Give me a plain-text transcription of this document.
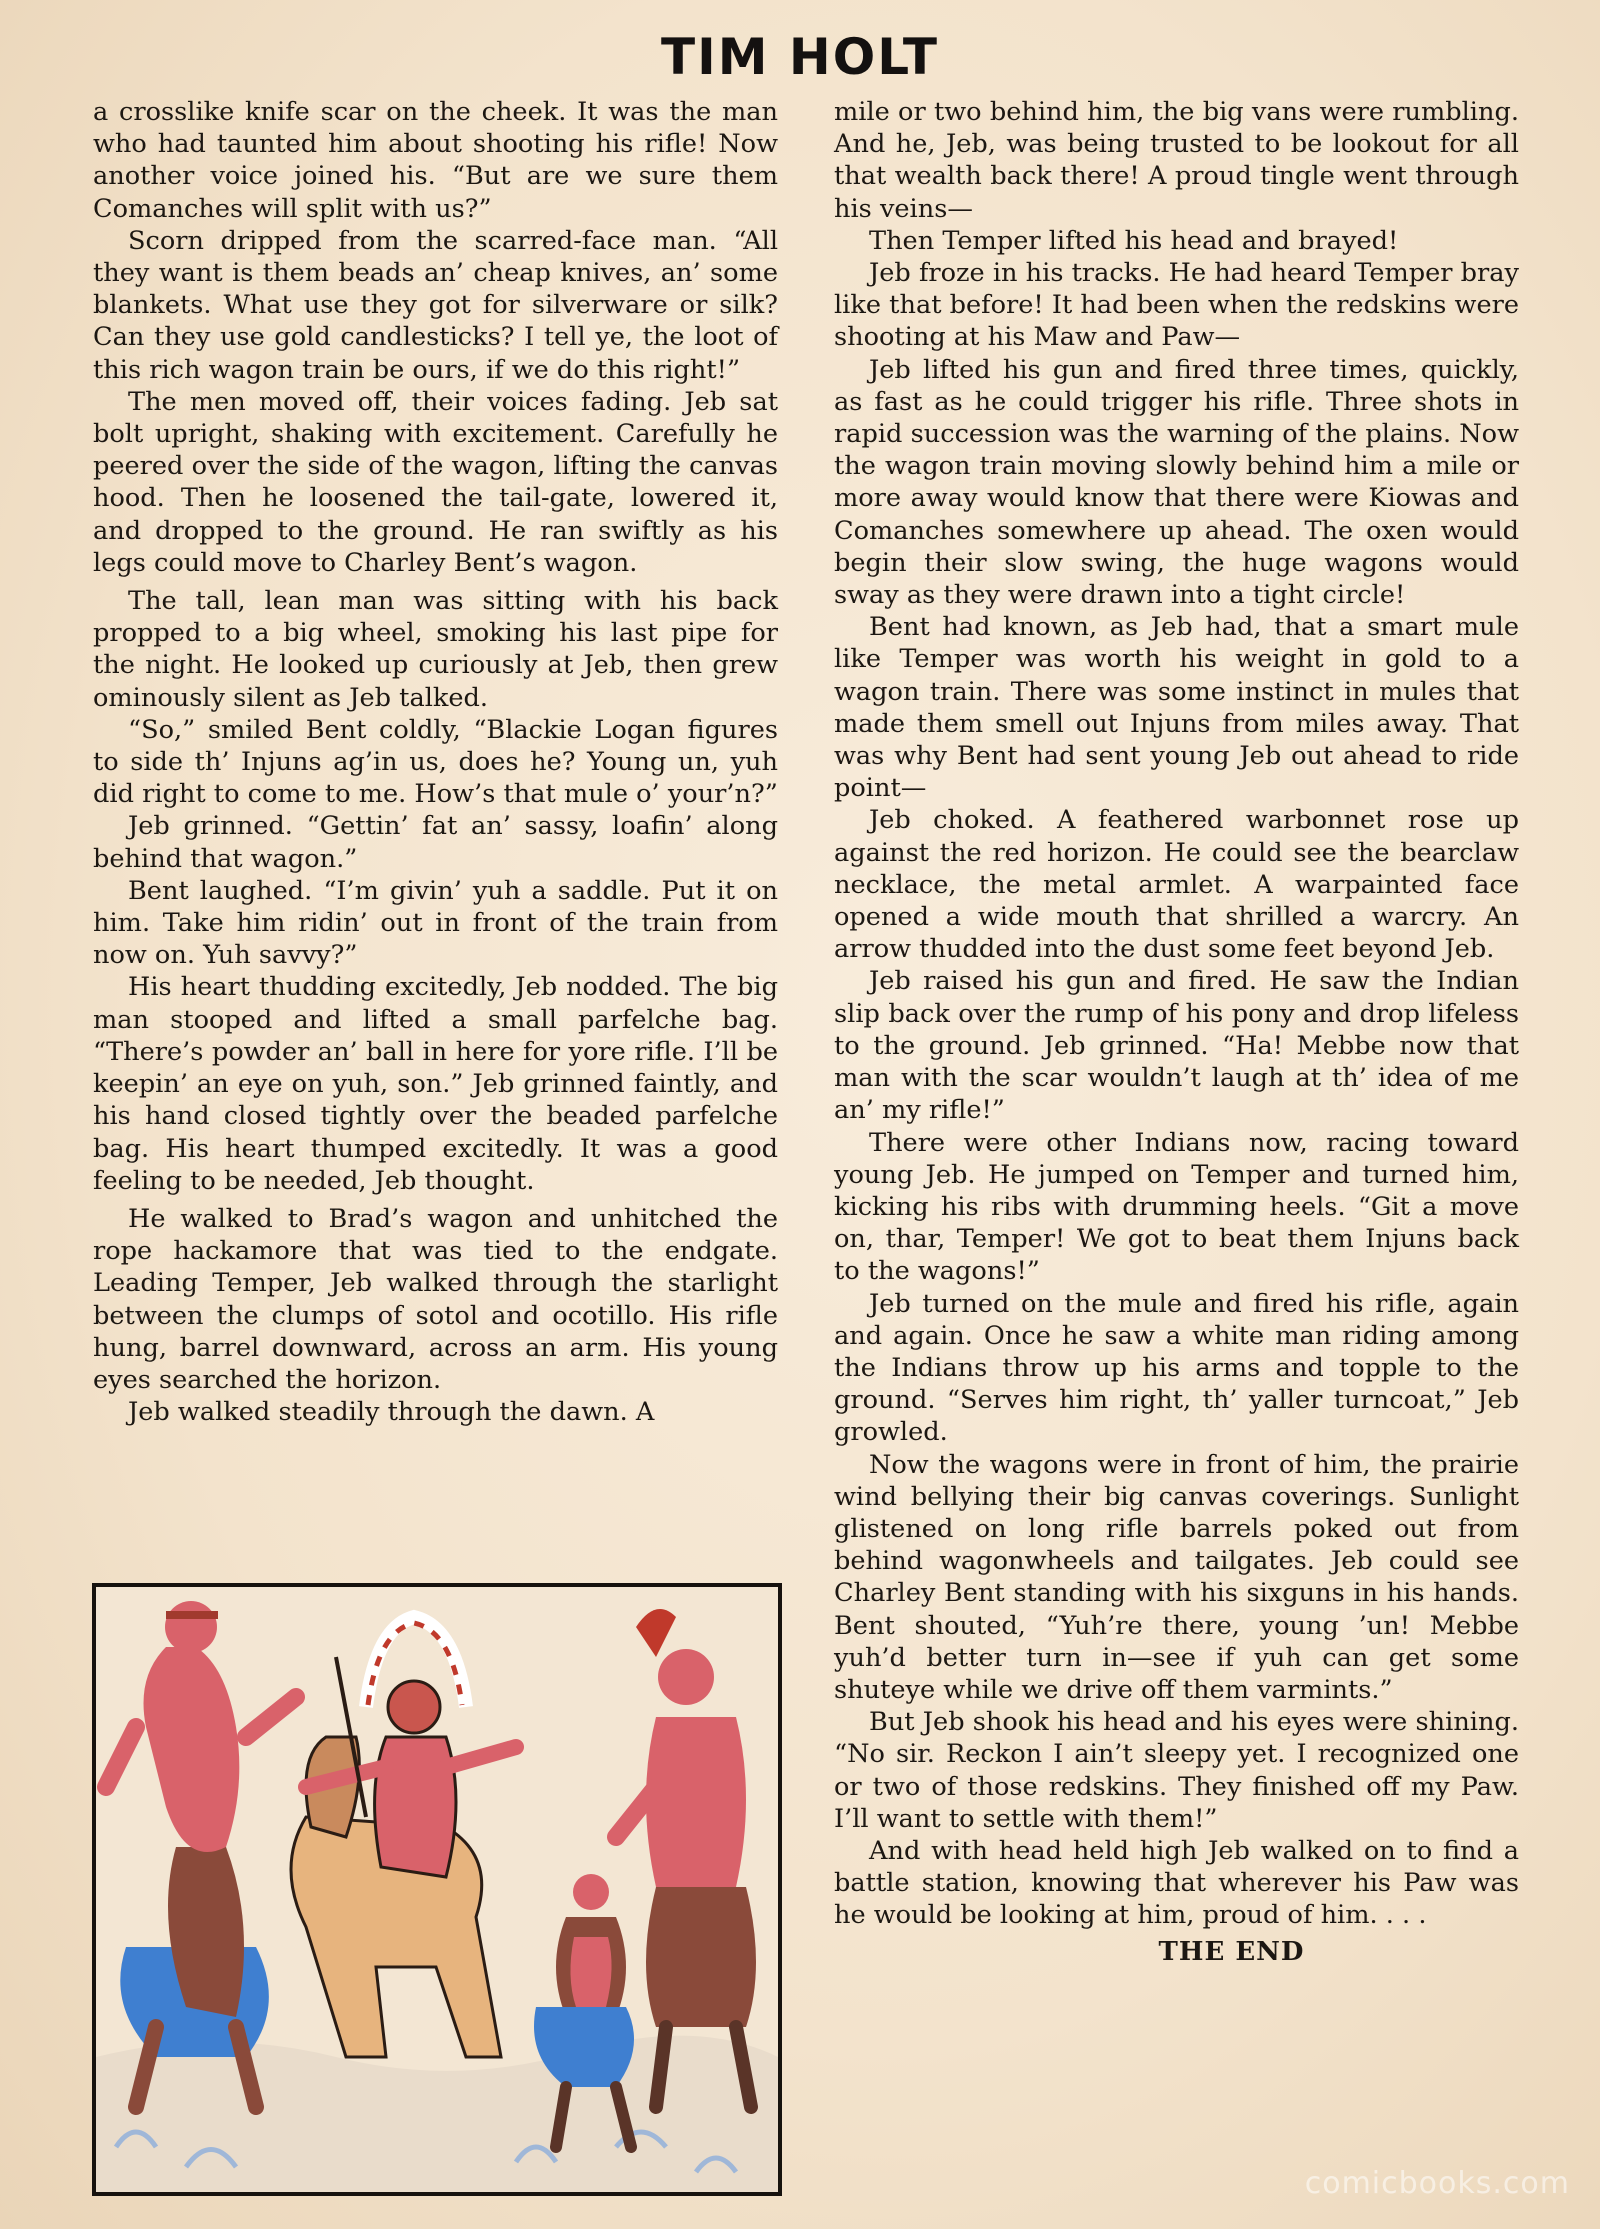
TIM HOLT

a crosslike knife scar on the cheek. It was the man who had taunted him about shooting his rifle! Now another voice joined his. “But are we sure them Comanches will split with us?”

Scorn dripped from the scarred-face man. “All they want is them beads an’ cheap knives, an’ some blankets. What use they got for silverware or silk? Can they use gold candlesticks? I tell ye, the loot of this rich wagon train be ours, if we do this right!”

The men moved off, their voices fading. Jeb sat bolt upright, shaking with excitement. Carefully he peered over the side of the wagon, lifting the canvas hood. Then he loosened the tail-gate, lowered it, and dropped to the ground. He ran swiftly as his legs could move to Charley Bent’s wagon.

The tall, lean man was sitting with his back propped to a big wheel, smoking his last pipe for the night. He looked up curiously at Jeb, then grew ominously silent as Jeb talked.

“So,” smiled Bent coldly, “Blackie Logan figures to side th’ Injuns ag’in us, does he? Young un, yuh did right to come to me. How’s that mule o’ your’n?”

Jeb grinned. “Gettin’ fat an’ sassy, loafin’ along behind that wagon.”

Bent laughed. “I’m givin’ yuh a saddle. Put it on him. Take him ridin’ out in front of the train from now on. Yuh savvy?”

His heart thudding excitedly, Jeb nodded. The big man stooped and lifted a small parfelche bag. “There’s powder an’ ball in here for yore rifle. I’ll be keepin’ an eye on yuh, son.” Jeb grinned faintly, and his hand closed tightly over the beaded parfelche bag. His heart thumped excitedly. It was a good feeling to be needed, Jeb thought.

He walked to Brad’s wagon and unhitched the rope hackamore that was tied to the endgate. Leading Temper, Jeb walked through the starlight between the clumps of sotol and ocotillo. His rifle hung, barrel downward, across an arm. His young eyes searched the horizon.

Jeb walked steadily through the dawn. A

mile or two behind him, the big vans were rumbling. And he, Jeb, was being trusted to be lookout for all that wealth back there! A proud tingle went through his veins—

Then Temper lifted his head and brayed!

Jeb froze in his tracks. He had heard Temper bray like that before! It had been when the redskins were shooting at his Maw and Paw—

Jeb lifted his gun and fired three times, quickly, as fast as he could trigger his rifle. Three shots in rapid succession was the warning of the plains. Now the wagon train moving slowly behind him a mile or more away would know that there were Kiowas and Comanches somewhere up ahead. The oxen would begin their slow swing, the huge wagons would sway as they were drawn into a tight circle!

Bent had known, as Jeb had, that a smart mule like Temper was worth his weight in gold to a wagon train. There was some instinct in mules that made them smell out Injuns from miles away. That was why Bent had sent young Jeb out ahead to ride point—

Jeb choked. A feathered warbonnet rose up against the red horizon. He could see the bearclaw necklace, the metal armlet. A warpainted face opened a wide mouth that shrilled a warcry. An arrow thudded into the dust some feet beyond Jeb.

Jeb raised his gun and fired. He saw the Indian slip back over the rump of his pony and drop lifeless to the ground. Jeb grinned. “Ha! Mebbe now that man with the scar wouldn’t laugh at th’ idea of me an’ my rifle!”

There were other Indians now, racing toward young Jeb. He jumped on Temper and turned him, kicking his ribs with drumming heels. “Git a move on, thar, Temper! We got to beat them Injuns back to the wagons!”

Jeb turned on the mule and fired his rifle, again and again. Once he saw a white man riding among the Indians throw up his arms and topple to the ground. “Serves him right, th’ yaller turncoat,” Jeb growled.

Now the wagons were in front of him, the prairie wind bellying their big canvas coverings. Sunlight glistened on long rifle barrels poked out from behind wagonwheels and tailgates. Jeb could see Charley Bent standing with his sixguns in his hands. Bent shouted, “Yuh’re there, young ’un! Mebbe yuh’d better turn in—see if yuh can get some shuteye while we drive off them varmints.”

But Jeb shook his head and his eyes were shining. “No sir. Reckon I ain’t sleepy yet. I recognized one or two of those redskins. They finished off my Paw. I’ll want to settle with them!”

And with head held high Jeb walked on to find a battle station, knowing that wherever his Paw was he would be looking at him, proud of him. . . .

THE END
comicbooks.com
